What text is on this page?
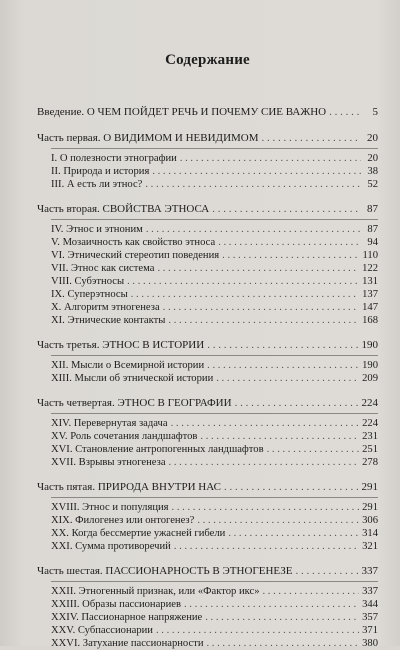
Содержание
Введение. О ЧЕМ ПОЙДЕТ РЕЧЬ И ПОЧЕМУ СИЕ ВАЖНО . . .	5
Часть первая. О ВИДИМОМ И НЕВИДИМОМ . . .	20
I. О полезности этнографии . . .	20
II. Природа и история . . .	38
III. А есть ли этнос? . . .	52
Часть вторая. СВОЙСТВА ЭТНОСА . . .	87
IV. Этнос и этноним . . .	87
V. Мозаичность как свойство этноса . . .	94
VI. Этнический стереотип поведения . . .	110
VII. Этнос как система . . .	122
VIII. Субэтносы . . .	131
IX. Суперэтносы . . .	137
X. Алгоритм этногенеза . . .	147
XI. Этнические контакты . . .	168
Часть третья. ЭТНОС В ИСТОРИИ . . .	190
XII. Мысли о Всемирной истории . . .	190
XIII. Мысли об этнической истории . . .	209
Часть четвертая. ЭТНОС В ГЕОГРАФИИ . . .	224
XIV. Перевернутая задача . . .	224
XV. Роль сочетания ландшафтов . . .	231
XVI. Становление антропогенных ландшафтов . . .	251
XVII. Взрывы этногенеза . . .	278
Часть пятая. ПРИРОДА ВНУТРИ НАС . . .	291
XVIII. Этнос и популяция . . .	291
XIX. Филогенез или онтогенез? . . .	306
XX. Когда бессмертие ужасней гибели . . .	314
XXI. Сумма противоречий . . .	321
Часть шестая. ПАССИОНАРНОСТЬ В ЭТНОГЕНЕЗЕ . . .	337
XXII. Этногенный признак, или «Фактор икс» . . .	337
XXIII. Образы пассионариев . . .	344
XXIV. Пассионарное напряжение . . .	357
XXV. Субпассионарии . . .	371
XXVI. Затухание пассионарности . . .	380
